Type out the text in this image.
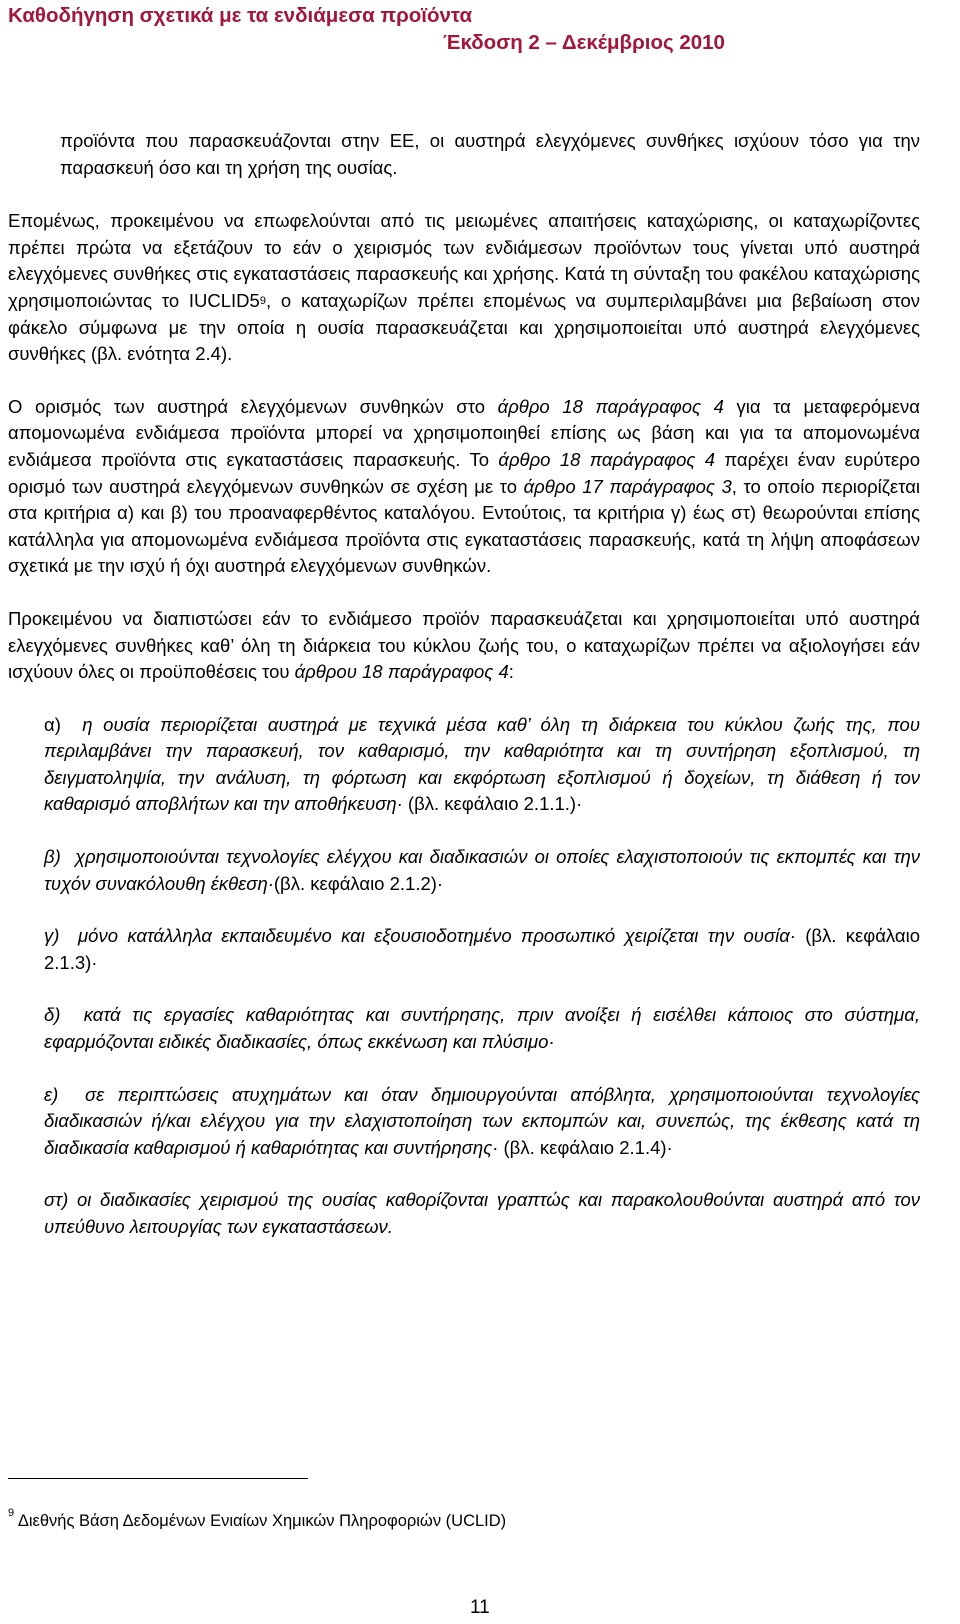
Καθοδήγηση σχετικά με τα ενδιάμεσα προϊόντα
Έκδοση 2 – Δεκέμβριος 2010

προϊόντα που παρασκευάζονται στην ΕΕ, οι αυστηρά ελεγχόμενες συνθήκες ισχύουν τόσο για την παρασκευή όσο και τη χρήση της ουσίας.

Επομένως, προκειμένου να επωφελούνται από τις μειωμένες απαιτήσεις καταχώρισης, οι καταχωρίζοντες πρέπει πρώτα να εξετάζουν το εάν ο χειρισμός των ενδιάμεσων προϊόντων τους γίνεται υπό αυστηρά ελεγχόμενες συνθήκες στις εγκαταστάσεις παρασκευής και χρήσης. Κατά τη σύνταξη του φακέλου καταχώρισης χρησιμοποιώντας το $IUCLID5^9$, ο καταχωρίζων πρέπει επομένως να συμπεριλαμβάνει μια βεβαίωση στον φάκελο σύμφωνα με την οποία η ουσία παρασκευάζεται και χρησιμοποιείται υπό αυστηρά ελεγχόμενες συνθήκες (βλ. ενότητα 2.4).

Ο ορισμός των αυστηρά ελεγχόμενων συνθηκών στο άρθρο 18 παράγραφος 4 για τα μεταφερόμενα απομονωμένα ενδιάμεσα προϊόντα μπορεί να χρησιμοποιηθεί επίσης ως βάση και για τα απομονωμένα ενδιάμεσα προϊόντα στις εγκαταστάσεις παρασκευής. Το άρθρο 18 παράγραφος 4 παρέχει έναν ευρύτερο ορισμό των αυστηρά ελεγχόμενων συνθηκών σε σχέση με το άρθρο 17 παράγραφος 3, το οποίο περιορίζεται στα κριτήρια α) και β) του προαναφερθέντος καταλόγου. Εντούτοις, τα κριτήρια γ) έως στ) θεωρούνται επίσης κατάλληλα για απομονωμένα ενδιάμεσα προϊόντα στις εγκαταστάσεις παρασκευής, κατά τη λήψη αποφάσεων σχετικά με την ισχύ ή όχι αυστηρά ελεγχόμενων συνθηκών.

Προκειμένου να διαπιστώσει εάν το ενδιάμεσο προϊόν παρασκευάζεται και χρησιμοποιείται υπό αυστηρά ελεγχόμενες συνθήκες καθ’ όλη τη διάρκεια του κύκλου ζωής του, ο καταχωρίζων πρέπει να αξιολογήσει εάν ισχύουν όλες οι προϋποθέσεις του άρθρου 18 παράγραφος 4:

α) η ουσία περιορίζεται αυστηρά με τεχνικά μέσα καθ’ όλη τη διάρκεια του κύκλου ζωής της, που περιλαμβάνει την παρασκευή, τον καθαρισμό, την καθαριότητα και τη συντήρηση εξοπλισμού, τη δειγματοληψία, την ανάλυση, τη φόρτωση και εκφόρτωση εξοπλισμού ή δοχείων, τη διάθεση ή τον καθαρισμό αποβλήτων και την αποθήκευση· (βλ. κεφάλαιο 2.1.1.)·

β) χρησιμοποιούνται τεχνολογίες ελέγχου και διαδικασιών οι οποίες ελαχιστοποιούν τις εκπομπές και την τυχόν συνακόλουθη έκθεση·(βλ. κεφάλαιο 2.1.2)·

γ) μόνο κατάλληλα εκπαιδευμένο και εξουσιοδοτημένο προσωπικό χειρίζεται την ουσία· (βλ. κεφάλαιο 2.1.3)·

δ) κατά τις εργασίες καθαριότητας και συντήρησης, πριν ανοίξει ή εισέλθει κάποιος στο σύστημα, εφαρμόζονται ειδικές διαδικασίες, όπως εκκένωση και πλύσιμο·

ε) σε περιπτώσεις ατυχημάτων και όταν δημιουργούνται απόβλητα, χρησιμοποιούνται τεχνολογίες διαδικασιών ή/και ελέγχου για την ελαχιστοποίηση των εκπομπών και, συνεπώς, της έκθεσης κατά τη διαδικασία καθαρισμού ή καθαριότητας και συντήρησης· (βλ. κεφάλαιο 2.1.4)·

στ) οι διαδικασίες χειρισμού της ουσίας καθορίζονται γραπτώς και παρακολουθούνται αυστηρά από τον υπεύθυνο λειτουργίας των εγκαταστάσεων.

$^9$ Διεθνής Βάση Δεδομένων Ενιαίων Χημικών Πληροφοριών (UCLID)
11
